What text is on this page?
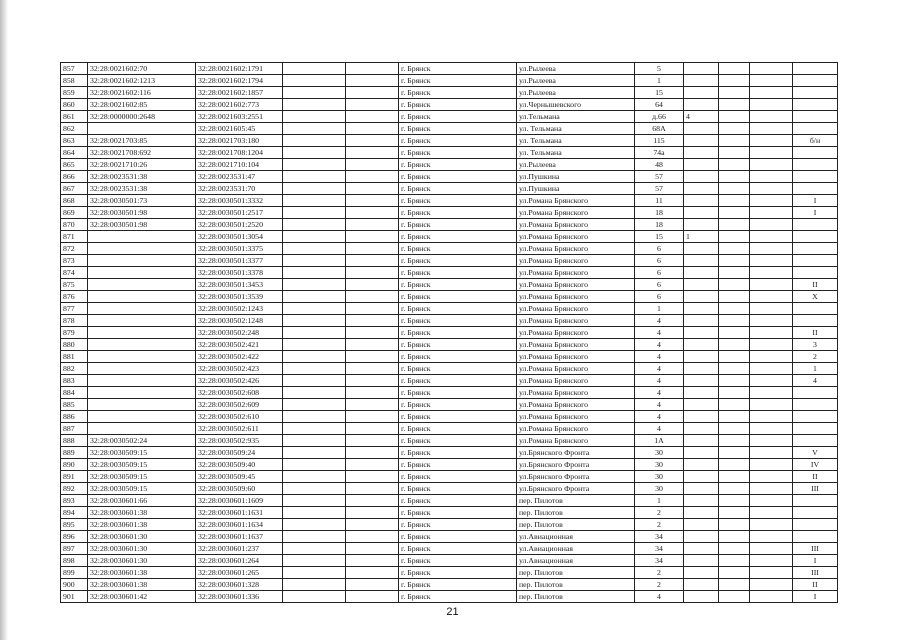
857	32:28:0021602:70	32:28:0021602:1791			г. Брянск	ул.Рылеева	5				
858	32:28:0021602:1213	32:28:0021602:1794			г. Брянск	ул.Рылеева	1				
859	32:28:0021602:116	32:28:0021602:1857			г. Брянск	ул.Рылеева	15				
860	32:28:0021602:85	32:28:0021602:773			г. Брянск	ул.Чернышевского	64				
861	32:28:0000000:2648	32:28:0021603:2551			г. Брянск	ул.Тельмана	д.66	4			
862		32:28:0021605:45			г. Брянск	ул. Тельмана	68А				
863	32:28:0021703:85	32:28:0021703:180			г. Брянск	ул. Тельмана	115				б/н
864	32:28:0021708:692	32:28:0021708:1204			г. Брянск	ул. Тельмана	74а				
865	32:28:0021710:26	32:28:0021710:104			г. Брянск	ул.Рылеева	48				
866	32:28:0023531:38	32:28:0023531:47			г. Брянск	ул.Пушкина	57				
867	32:28:0023531:38	32:28:0023531:70			г. Брянск	ул.Пушкина	57				
868	32:28:0030501:73	32:28:0030501:3332			г. Брянск	ул.Романа Брянского	11				I
869	32:28:0030501:98	32:28:0030501:2517			г. Брянск	ул.Романа Брянского	18				I
870	32:28:0030501:98	32:28:0030501:2520			г. Брянск	ул.Романа Брянского	18				
871		32:28:0030501:3054			г. Брянск	ул.Романа Брянского	15	1			
872		32:28:0030501:3375			г. Брянск	ул.Романа Брянского	6				
873		32:28:0030501:3377			г. Брянск	ул.Романа Брянского	6				
874		32:28:0030501:3378			г. Брянск	ул.Романа Брянского	6				
875		32:28:0030501:3453			г. Брянск	ул.Романа Брянского	6				II
876		32:28:0030501:3539			г. Брянск	ул.Романа Брянского	6				X
877		32:28:0030502:1243			г. Брянск	ул.Романа Брянского	1				
878		32:28:0030502:1248			г. Брянск	ул.Романа Брянского	4				
879		32:28:0030502:248			г. Брянск	ул.Романа Брянского	4				II
880		32:28:0030502:421			г. Брянск	ул.Романа Брянского	4				3
881		32:28:0030502:422			г. Брянск	ул.Романа Брянского	4				2
882		32:28:0030502:423			г. Брянск	ул.Романа Брянского	4				1
883		32:28:0030502:426			г. Брянск	ул.Романа Брянского	4				4
884		32:28:0030502:608			г. Брянск	ул.Романа Брянского	4				
885		32:28:0030502:609			г. Брянск	ул.Романа Брянского	4				
886		32:28:0030502:610			г. Брянск	ул.Романа Брянского	4				
887		32:28:0030502:611			г. Брянск	ул.Романа Брянского	4				
888	32:28:0030502:24	32:28:0030502:935			г. Брянск	ул.Романа Брянского	1А				
889	32:28:0030509:15	32:28:0030509:24			г. Брянск	ул.Брянского Фронта	30				V
890	32:28:0030509:15	32:28:0030509:40			г. Брянск	ул.Брянского Фронта	30				IV
891	32:28:0030509:15	32:28:0030509:45			г. Брянск	ул.Брянского Фронта	30				II
892	32:28:0030509:15	32:28:0030509:60			г. Брянск	ул.Брянского Фронта	30				III
893	32:28:0030601:66	32:28:0030601:1609			г. Брянск	пер. Пилотов	1				
894	32:28:0030601:38	32:28:0030601:1631			г. Брянск	пер. Пилотов	2				
895	32:28:0030601:38	32:28:0030601:1634			г. Брянск	пер. Пилотов	2				
896	32:28:0030601:30	32:28:0030601:1637			г. Брянск	ул.Авиационная	34				
897	32:28:0030601:30	32:28:0030601:237			г. Брянск	ул.Авиационная	34				III
898	32:28:0030601:30	32:28:0030601:264			г. Брянск	ул.Авиационная	34				I
899	32:28:0030601:38	32:28:0030601:265			г. Брянск	пер. Пилотов	2				III
900	32:28:0030601:38	32:28:0030601:328			г. Брянск	пер. Пилотов	2				II
901	32:28:0030601:42	32:28:0030601:336			г. Брянск	пер. Пилотов	4				I
21
